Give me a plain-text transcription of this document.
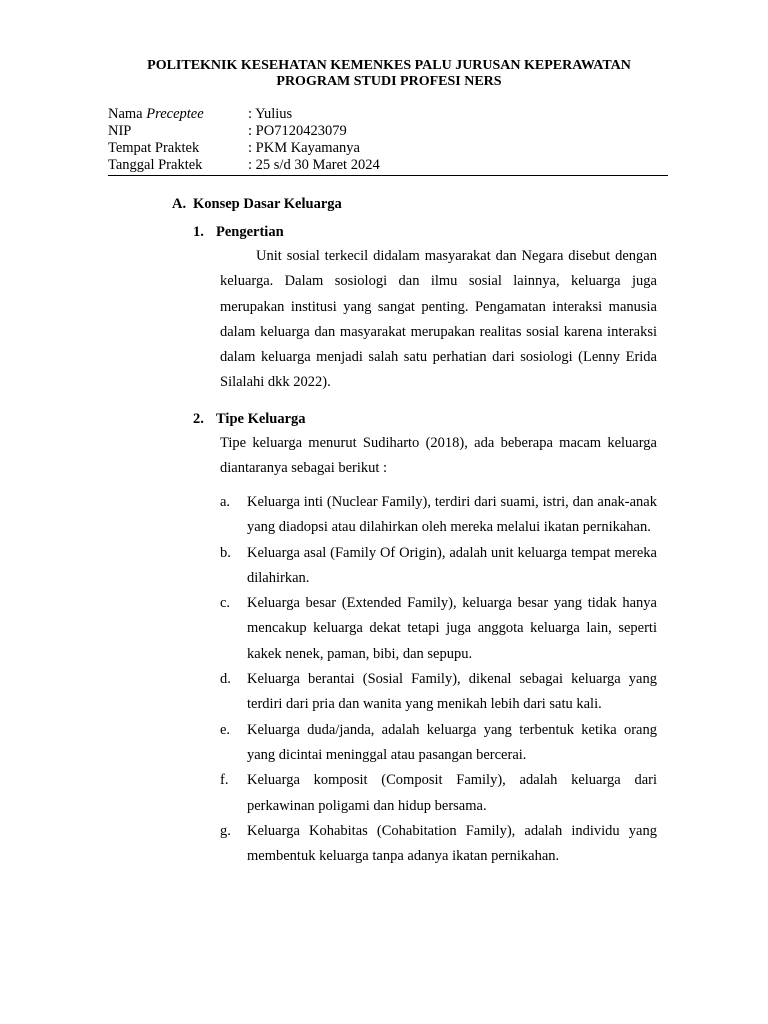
POLITEKNIK KESEHATAN KEMENKES PALU JURUSAN KEPERAWATAN
PROGRAM STUDI PROFESI NERS
Nama Preceptee	: Yulius
NIP	: PO7120423079
Tempat Praktek	: PKM Kayamanya
Tanggal Praktek	: 25 s/d 30 Maret 2024
A. Konsep Dasar Keluarga
1. Pengertian

Unit sosial terkecil didalam masyarakat dan Negara disebut dengan keluarga. Dalam sosiologi dan ilmu sosial lainnya, keluarga juga merupakan institusi yang sangat penting. Pengamatan interaksi manusia dalam keluarga dan masyarakat merupakan realitas sosial karena interaksi dalam keluarga menjadi salah satu perhatian dari sosiologi (Lenny Erida Silalahi dkk 2022).

2. Tipe Keluarga

Tipe keluarga menurut Sudiharto (2018), ada beberapa macam keluarga diantaranya sebagai berikut :

a.	Keluarga inti (Nuclear Family), terdiri dari suami, istri, dan anak-anak yang diadopsi atau dilahirkan oleh mereka melalui ikatan pernikahan.
b.	Keluarga asal (Family Of Origin), adalah unit keluarga tempat mereka dilahirkan.
c.	Keluarga besar (Extended Family), keluarga besar yang tidak hanya mencakup keluarga dekat tetapi juga anggota keluarga lain, seperti kakek nenek, paman, bibi, dan sepupu.
d.	Keluarga berantai (Sosial Family), dikenal sebagai keluarga yang terdiri dari pria dan wanita yang menikah lebih dari satu kali.
e.	Keluarga duda/janda, adalah keluarga yang terbentuk ketika orang yang dicintai meninggal atau pasangan bercerai.
f.	Keluarga komposit (Composit Family), adalah keluarga dari perkawinan poligami dan hidup bersama.
g.	Keluarga Kohabitas (Cohabitation Family), adalah individu yang membentuk keluarga tanpa adanya ikatan pernikahan.
